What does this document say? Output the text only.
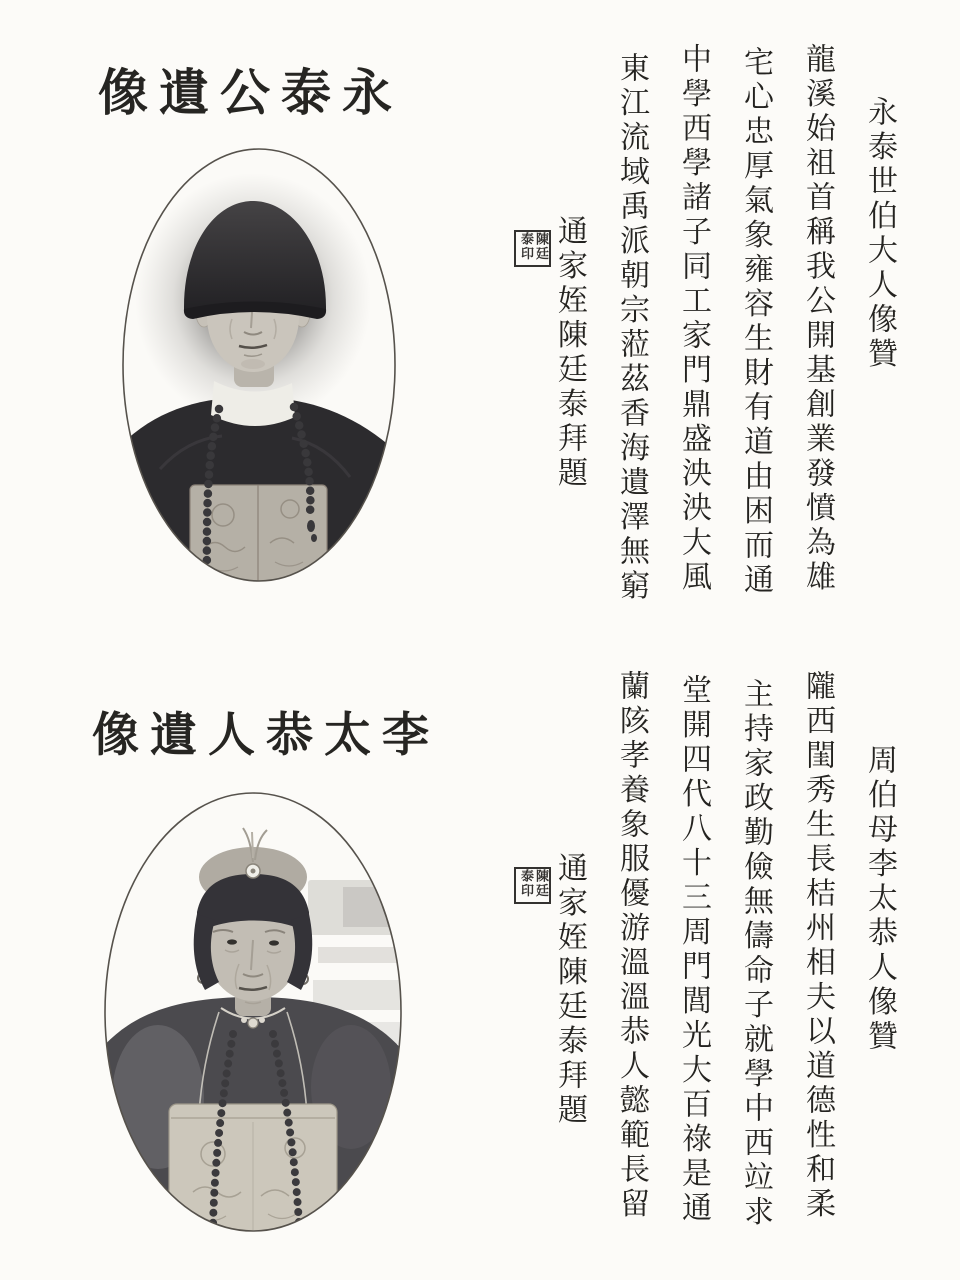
像遺公泰永
永泰世伯大人像贊
龍溪始祖首稱我公開基創業發憤為雄
宅心忠厚氣象雍容生財有道由困而通
中學西學諸子同工家門鼎盛泱泱大風
東江流域禹派朝宗蒞茲香海遺澤無窮
通家姪陳廷泰拜題
陳廷泰印
像遺人恭太李
周伯母李太恭人像贊
隴西閨秀生長桔州相夫以道德性和柔
主持家政勤儉無儔命子就學中西竝求
堂開四代八十三周門閭光大百祿是通
蘭陔孝養象服優游溫溫恭人懿範長留
通家姪陳廷泰拜題
陳廷泰印
